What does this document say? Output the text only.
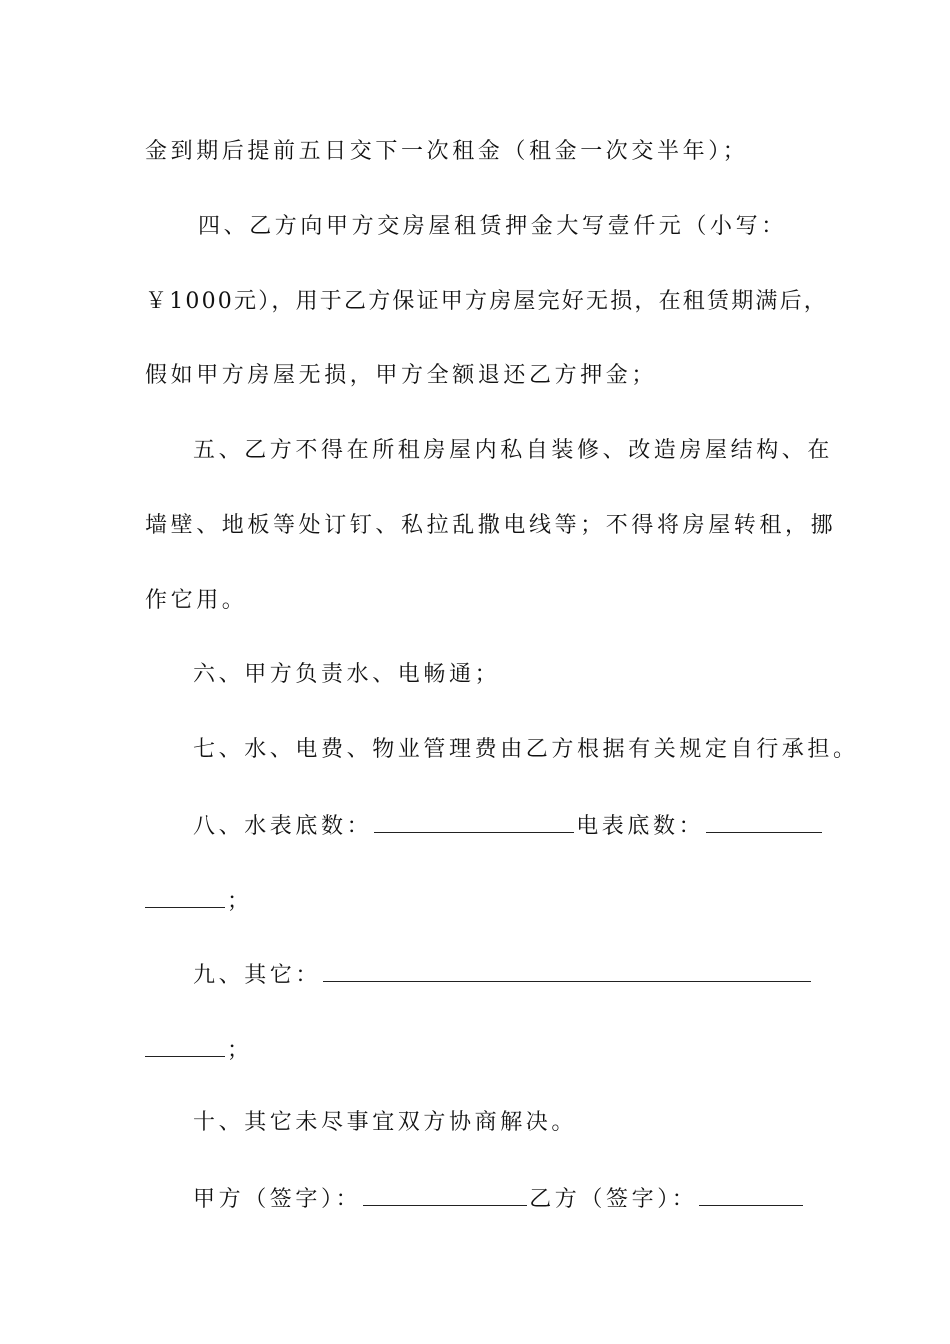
金到期后提前五日交下一次租金（租金一次交半年）；
四、乙方向甲方交房屋租赁押金大写壹仟元（小写：
￥1000元），用于乙方保证甲方房屋完好无损，在租赁期满后，
假如甲方房屋无损，甲方全额退还乙方押金；
五、乙方不得在所租房屋内私自装修、改造房屋结构、在
墙壁、地板等处订钉、私拉乱撒电线等；不得将房屋转租，挪
作它用。
六、甲方负责水、电畅通；
七、水、电费、物业管理费由乙方根据有关规定自行承担。
八、水表底数：	电表底数：
；
九、其它：
；
十、其它未尽事宜双方协商解决。
甲方（签字）：	乙方（签字）：
